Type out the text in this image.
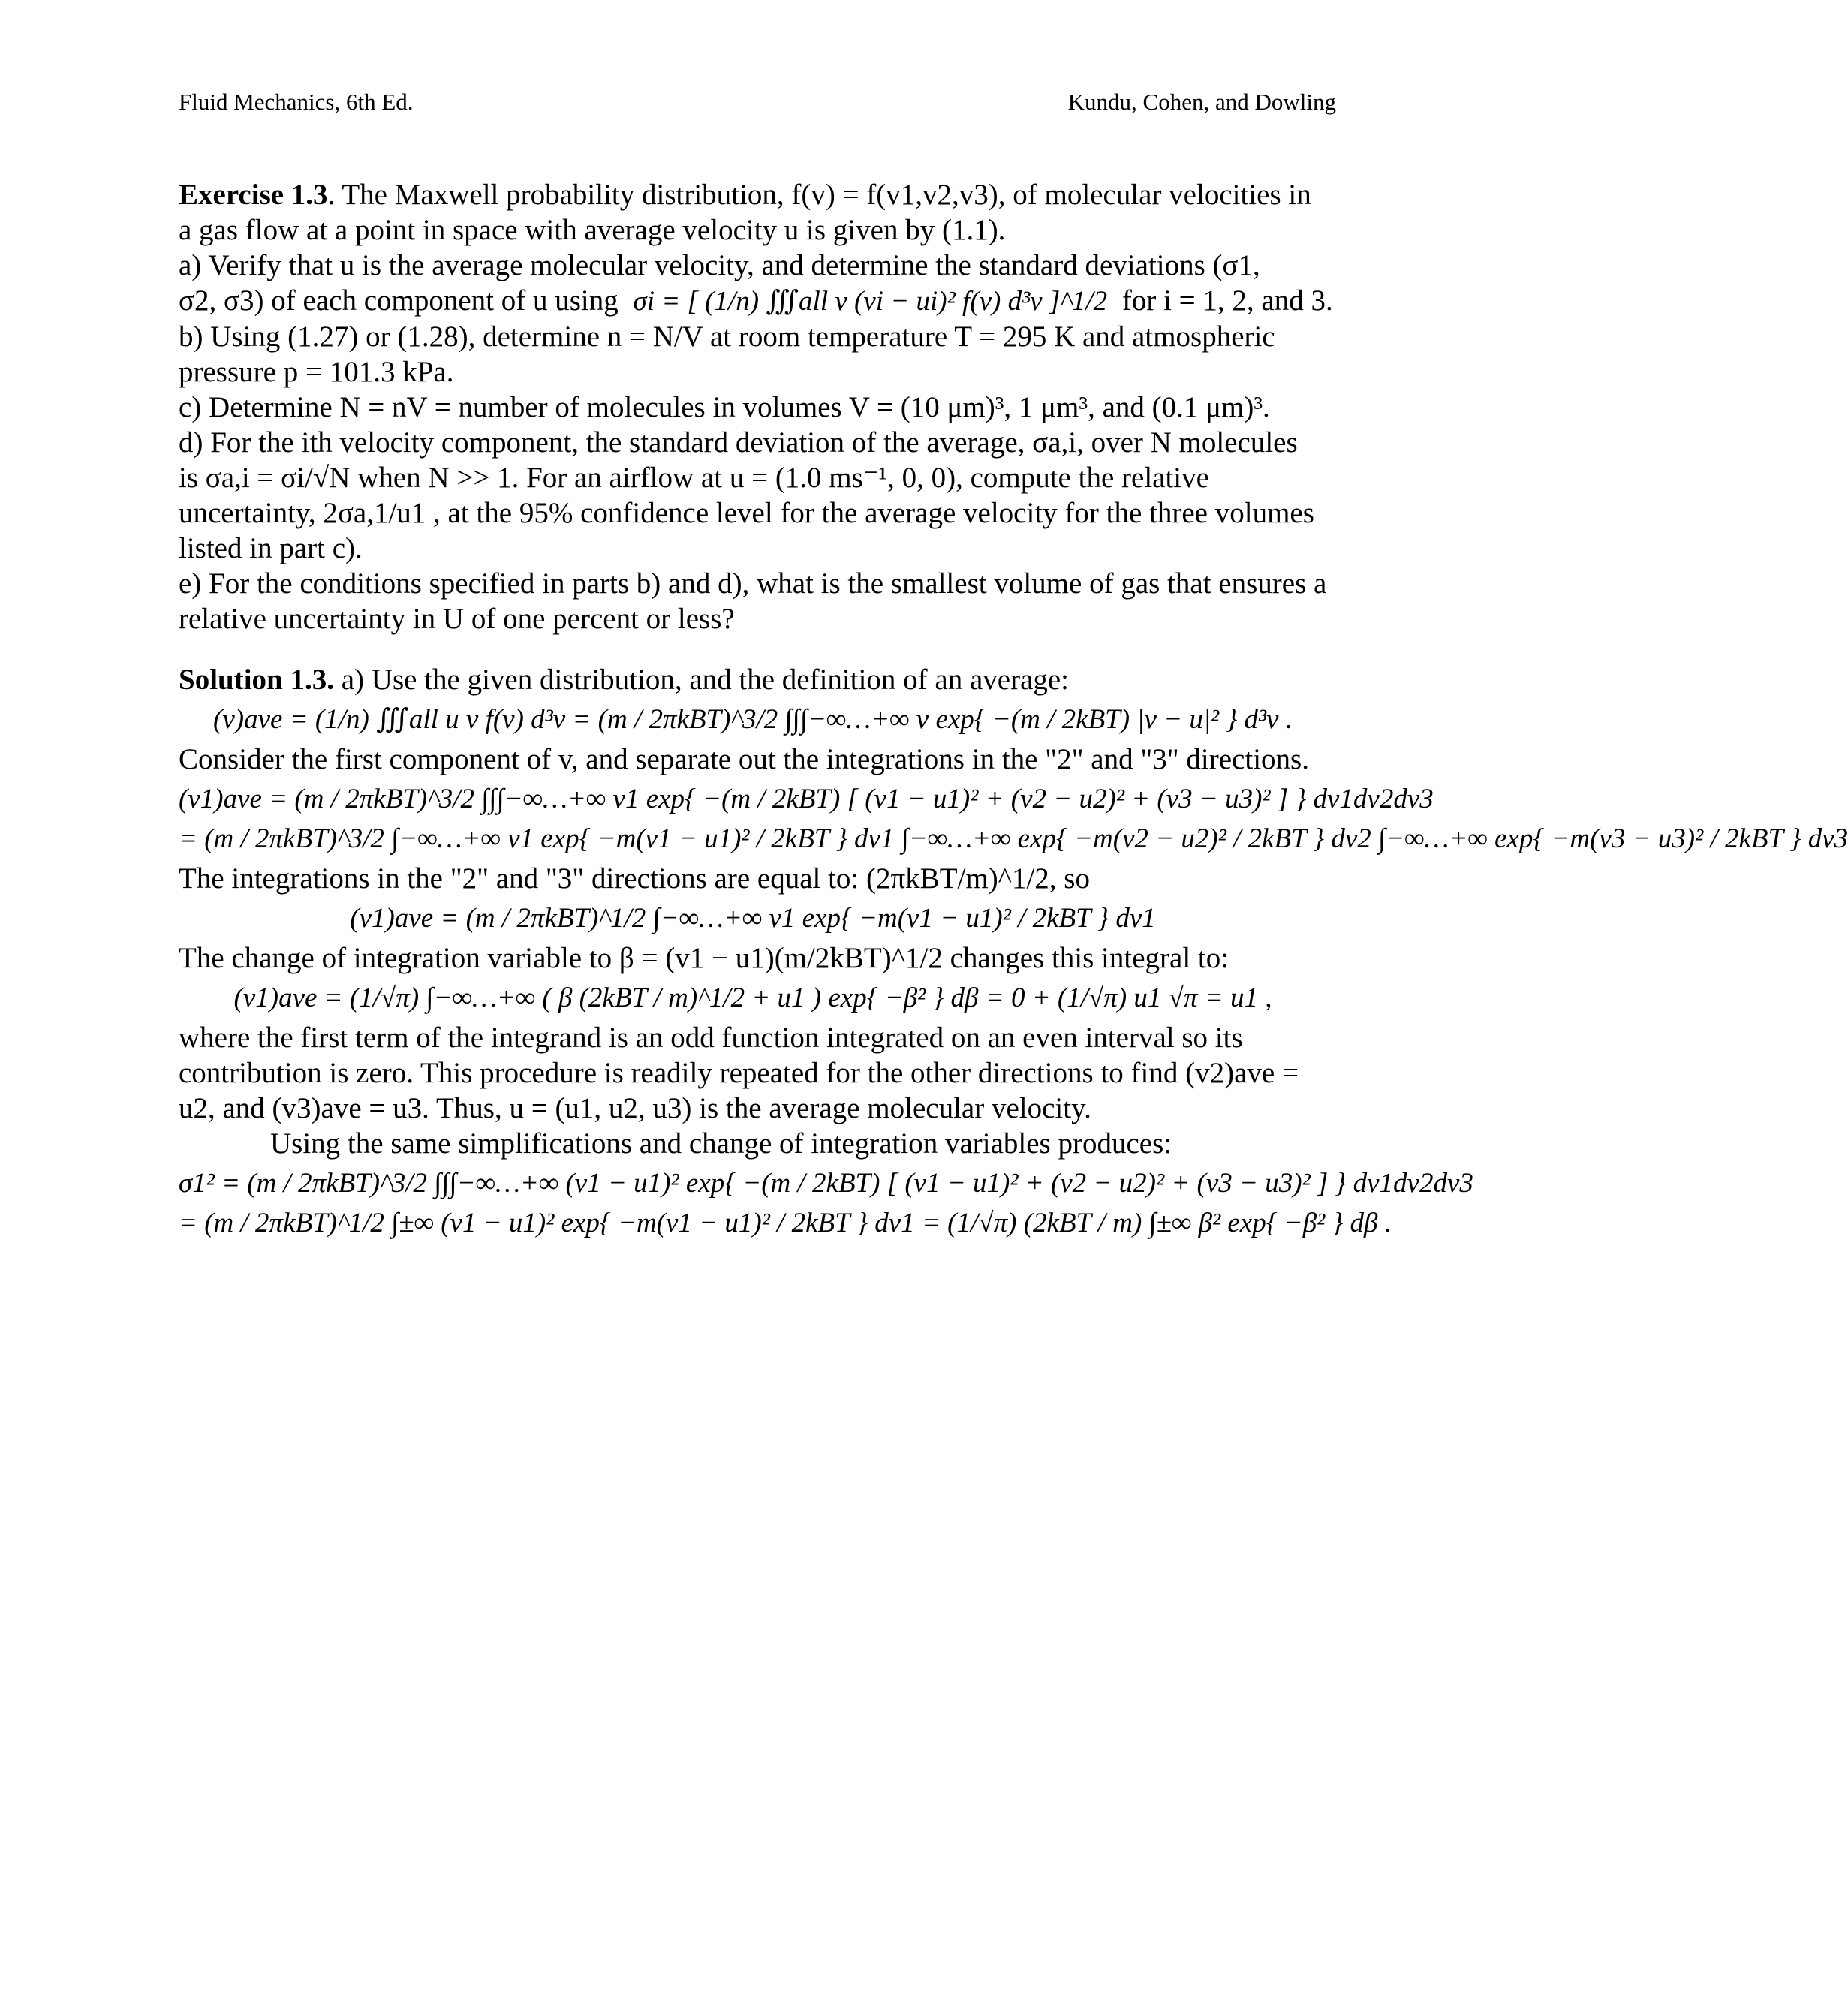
Fluid Mechanics, 6th Ed.	Kundu, Cohen, and Dowling

Exercise 1.3. The Maxwell probability distribution, f(v) = f(v1,v2,v3), of molecular velocities in a gas flow at a point in space with average velocity u is given by (1.1).

a) Verify that u is the average molecular velocity, and determine the standard deviations (σ1,

σ2, σ3) of each component of u using σi = [ (1/n) ∭all v (vi − ui)² f(v) d³v ]^1/2 for i = 1, 2, and 3.

b) Using (1.27) or (1.28), determine n = N/V at room temperature T = 295 K and atmospheric pressure p = 101.3 kPa.

c) Determine N = nV = number of molecules in volumes V = (10 μm)³, 1 μm³, and (0.1 μm)³.

d) For the ith velocity component, the standard deviation of the average, σa,i, over N molecules

is σa,i = σi/√N when N >> 1. For an airflow at u = (1.0 ms⁻¹, 0, 0), compute the relative

uncertainty, 2σa,1/u1 , at the 95% confidence level for the average velocity for the three volumes listed in part c).

e) For the conditions specified in parts b) and d), what is the smallest volume of gas that ensures a relative uncertainty in U of one percent or less?

Solution 1.3. a) Use the given distribution, and the definition of an average:

(v)ave = (1/n) ∭all u v f(v) d³v = (m / 2πkBT)^3/2 ∫∫∫−∞…+∞ v exp{ −(m / 2kBT) |v − u|² } d³v .

Consider the first component of v, and separate out the integrations in the "2" and "3" directions.

(v1)ave = (m / 2πkBT)^3/2 ∫∫∫−∞…+∞ v1 exp{ −(m / 2kBT) [ (v1 − u1)² + (v2 − u2)² + (v3 − u3)² ] } dv1dv2dv3

= (m / 2πkBT)^3/2 ∫−∞…+∞ v1 exp{ −m(v1 − u1)² / 2kBT } dv1 ∫−∞…+∞ exp{ −m(v2 − u2)² / 2kBT } dv2 ∫−∞…+∞ exp{ −m(v3 − u3)² / 2kBT } dv3

The integrations in the "2" and "3" directions are equal to: (2πkBT/m)^1/2, so

(v1)ave = (m / 2πkBT)^1/2 ∫−∞…+∞ v1 exp{ −m(v1 − u1)² / 2kBT } dv1

The change of integration variable to β = (v1 − u1)(m/2kBT)^1/2 changes this integral to:

(v1)ave = (1/√π) ∫−∞…+∞ ( β (2kBT / m)^1/2 + u1 ) exp{ −β² } dβ = 0 + (1/√π) u1 √π = u1 ,

where the first term of the integrand is an odd function integrated on an even interval so its contribution is zero. This procedure is readily repeated for the other directions to find (v2)ave = u2, and (v3)ave = u3. Thus, u = (u1, u2, u3) is the average molecular velocity.

Using the same simplifications and change of integration variables produces:

σ1² = (m / 2πkBT)^3/2 ∫∫∫−∞…+∞ (v1 − u1)² exp{ −(m / 2kBT) [ (v1 − u1)² + (v2 − u2)² + (v3 − u3)² ] } dv1dv2dv3

= (m / 2πkBT)^1/2 ∫±∞ (v1 − u1)² exp{ −m(v1 − u1)² / 2kBT } dv1 = (1/√π) (2kBT / m) ∫±∞ β² exp{ −β² } dβ .
